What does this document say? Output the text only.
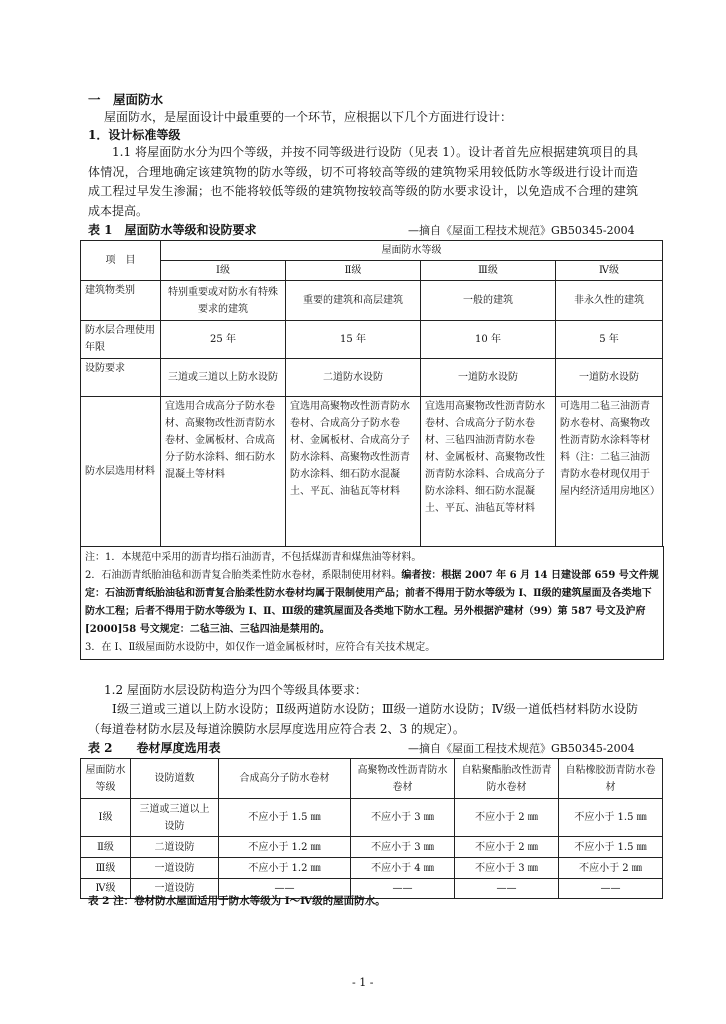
一　屋面防水
屋面防水，是屋面设计中最重要的一个环节，应根据以下几个方面进行设计：
1．设计标准等级
1.1 将屋面防水分为四个等级，并按不同等级进行设防（见表 1）。设计者首先应根据建筑项目的具体情况，合理地确定该建筑物的防水等级，切不可将较高等级的建筑物采用较低防水等级进行设计而造成工程过早发生渗漏；也不能将较低等级的建筑物按较高等级的防水要求设计，以免造成不合理的建筑成本提高。
表 1　屋面防水等级和设防要求	—摘自《屋面工程技术规范》GB50345-2004
项　目	屋面防水等级			
	Ⅰ级	Ⅱ级	Ⅲ级	Ⅳ级
建筑物类别	特别重要或对防水有特殊要求的建筑	重要的建筑和高层建筑	一般的建筑	非永久性的建筑
防水层合理使用年限	25 年	15 年	10 年	5 年
设防要求	三道或三道以上防水设防	二道防水设防	一道防水设防	一道防水设防
防水层选用材料	宜选用合成高分子防水卷材、高聚物改性沥青防水卷材、金属板材、合成高分子防水涂料、细石防水混凝土等材料	宜选用高聚物改性沥青防水卷材、合成高分子防水卷材、金属板材、合成高分子防水涂料、高聚物改性沥青防水涂料、细石防水混凝土、平瓦、油毡瓦等材料	宜选用高聚物改性沥青防水卷材、合成高分子防水卷材、三毡四油沥青防水卷材、金属板材、高聚物改性沥青防水涂料、合成高分子防水涂料、细石防水混凝土、平瓦、油毡瓦等材料	可选用二毡三油沥青防水卷材、高聚物改性沥青防水涂料等材料（注：二毡三油沥青防水卷材现仅用于屋内经济适用房地区）
注：1．本规范中采用的沥青均指石油沥青，不包括煤沥青和煤焦油等材料。
2．石油沥青纸胎油毡和沥青复合胎类柔性防水卷材，系限制使用材料。编者按：根据 2007 年 6 月 14 日建设部 659 号文件规定：石油沥青纸胎油毡和沥青复合胎柔性防水卷材均属于限制使用产品；前者不得用于防水等级为 Ⅰ、Ⅱ级的建筑屋面及各类地下防水工程；后者不得用于防水等级为 Ⅰ、Ⅱ、Ⅲ级的建筑屋面及各类地下防水工程。另外根据沪建材（99）第 587 号文及沪府[2000]58 号文规定：二毡三油、三毡四油是禁用的。
3．在 Ⅰ、Ⅱ级屋面防水设防中，如仅作一道金属板材时，应符合有关技术规定。
1.2 屋面防水层设防构造分为四个等级具体要求：
Ⅰ级三道或三道以上防水设防；Ⅱ级两道防水设防；Ⅲ级一道防水设防；Ⅳ级一道低档材料防水设防（每道卷材防水层及每道涂膜防水层厚度选用应符合表 2、3 的规定）。
表 2　　卷材厚度选用表	—摘自《屋面工程技术规范》GB50345-2004
屋面防水等级	设防道数	合成高分子防水卷材	高聚物改性沥青防水卷材	自粘聚酯胎改性沥青防水卷材	自粘橡胶沥青防水卷材
Ⅰ级	三道或三道以上设防	不应小于 1.5 ㎜	不应小于 3 ㎜	不应小于 2 ㎜	不应小于 1.5 ㎜
Ⅱ级	二道设防	不应小于 1.2 ㎜	不应小于 3 ㎜	不应小于 2 ㎜	不应小于 1.5 ㎜
Ⅲ级	一道设防	不应小于 1.2 ㎜	不应小于 4 ㎜	不应小于 3 ㎜	不应小于 2 ㎜
Ⅳ级	一道设防	——	——	——	——
表 2 注：卷材防水屋面适用于防水等级为 Ⅰ～Ⅳ级的屋面防水。
- 1 -
